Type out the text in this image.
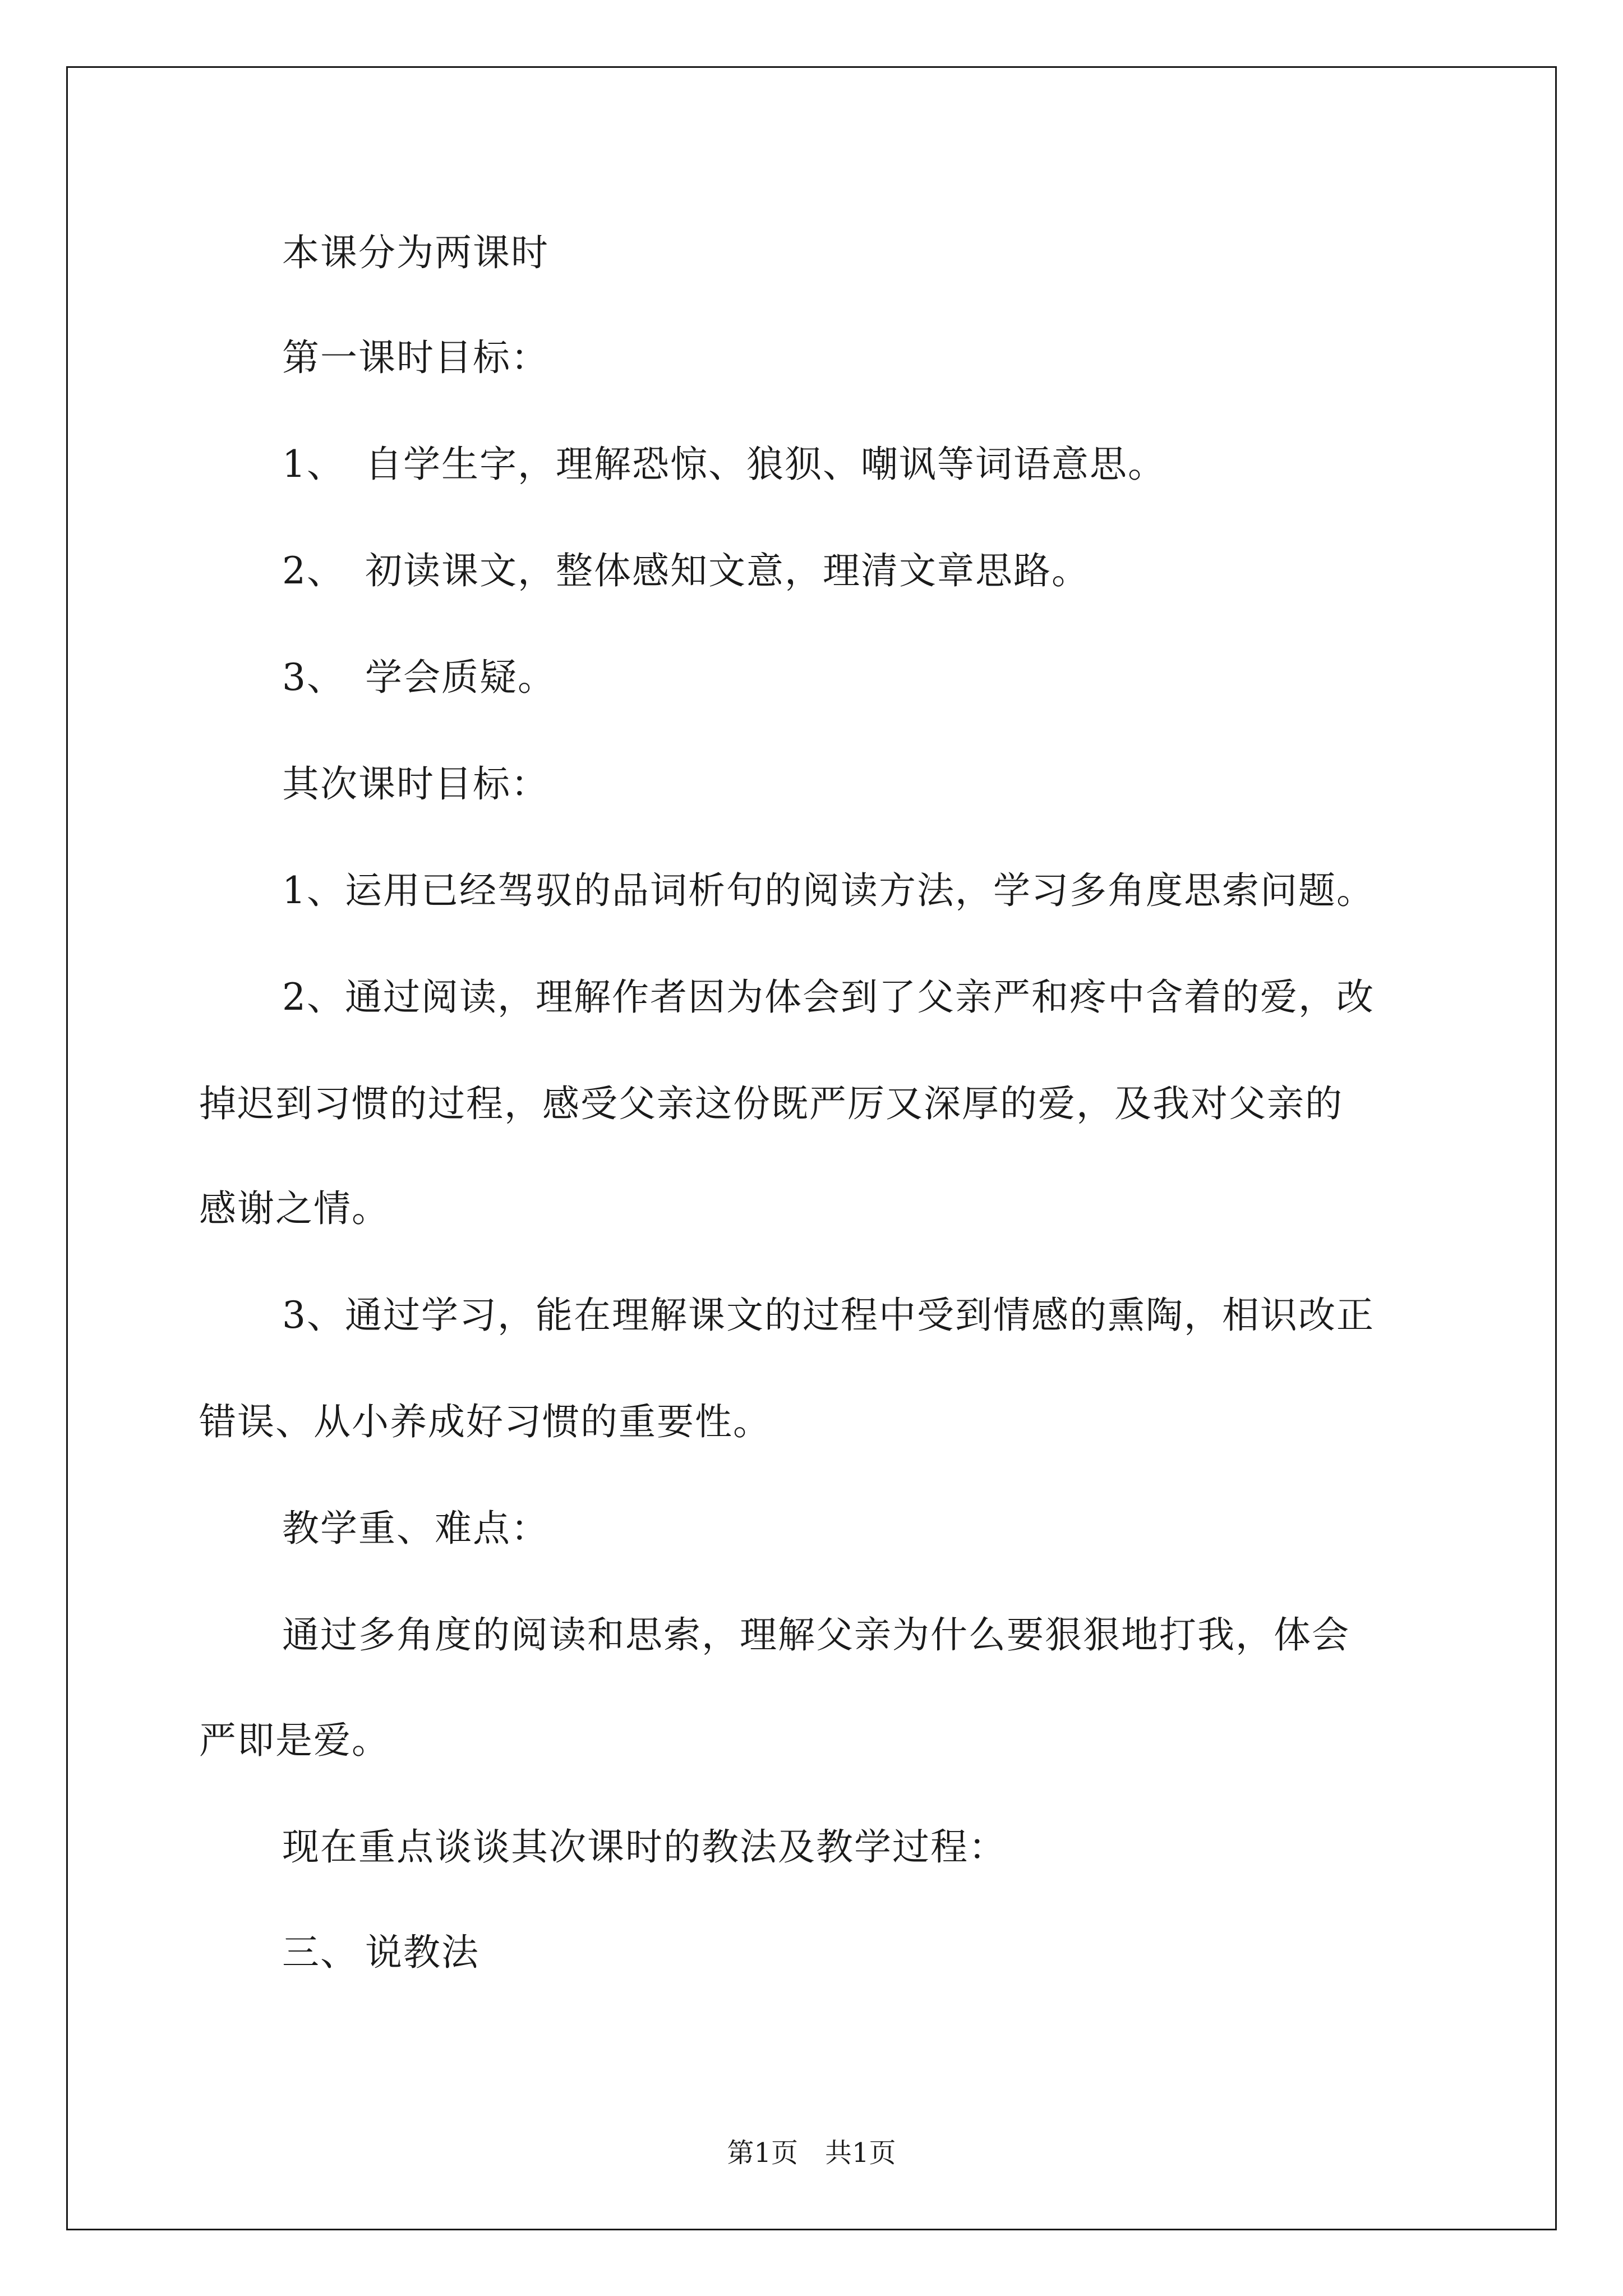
本课分为两课时
第一课时目标：
1、 自学生字，理解恐惊、狼狈、嘲讽等词语意思。
2、 初读课文，整体感知文意，理清文章思路。
3、 学会质疑。
其次课时目标：
1、运用已经驾驭的品词析句的阅读方法，学习多角度思索问题。
2、通过阅读，理解作者因为体会到了父亲严和疼中含着的爱，改
掉迟到习惯的过程，感受父亲这份既严厉又深厚的爱，及我对父亲的
感谢之情。
3、通过学习，能在理解课文的过程中受到情感的熏陶，相识改正
错误、从小养成好习惯的重要性。
教学重、难点：
通过多角度的阅读和思索，理解父亲为什么要狠狠地打我，体会
严即是爱。
现在重点谈谈其次课时的教法及教学过程：
三、 说教法
第1页 共1页
